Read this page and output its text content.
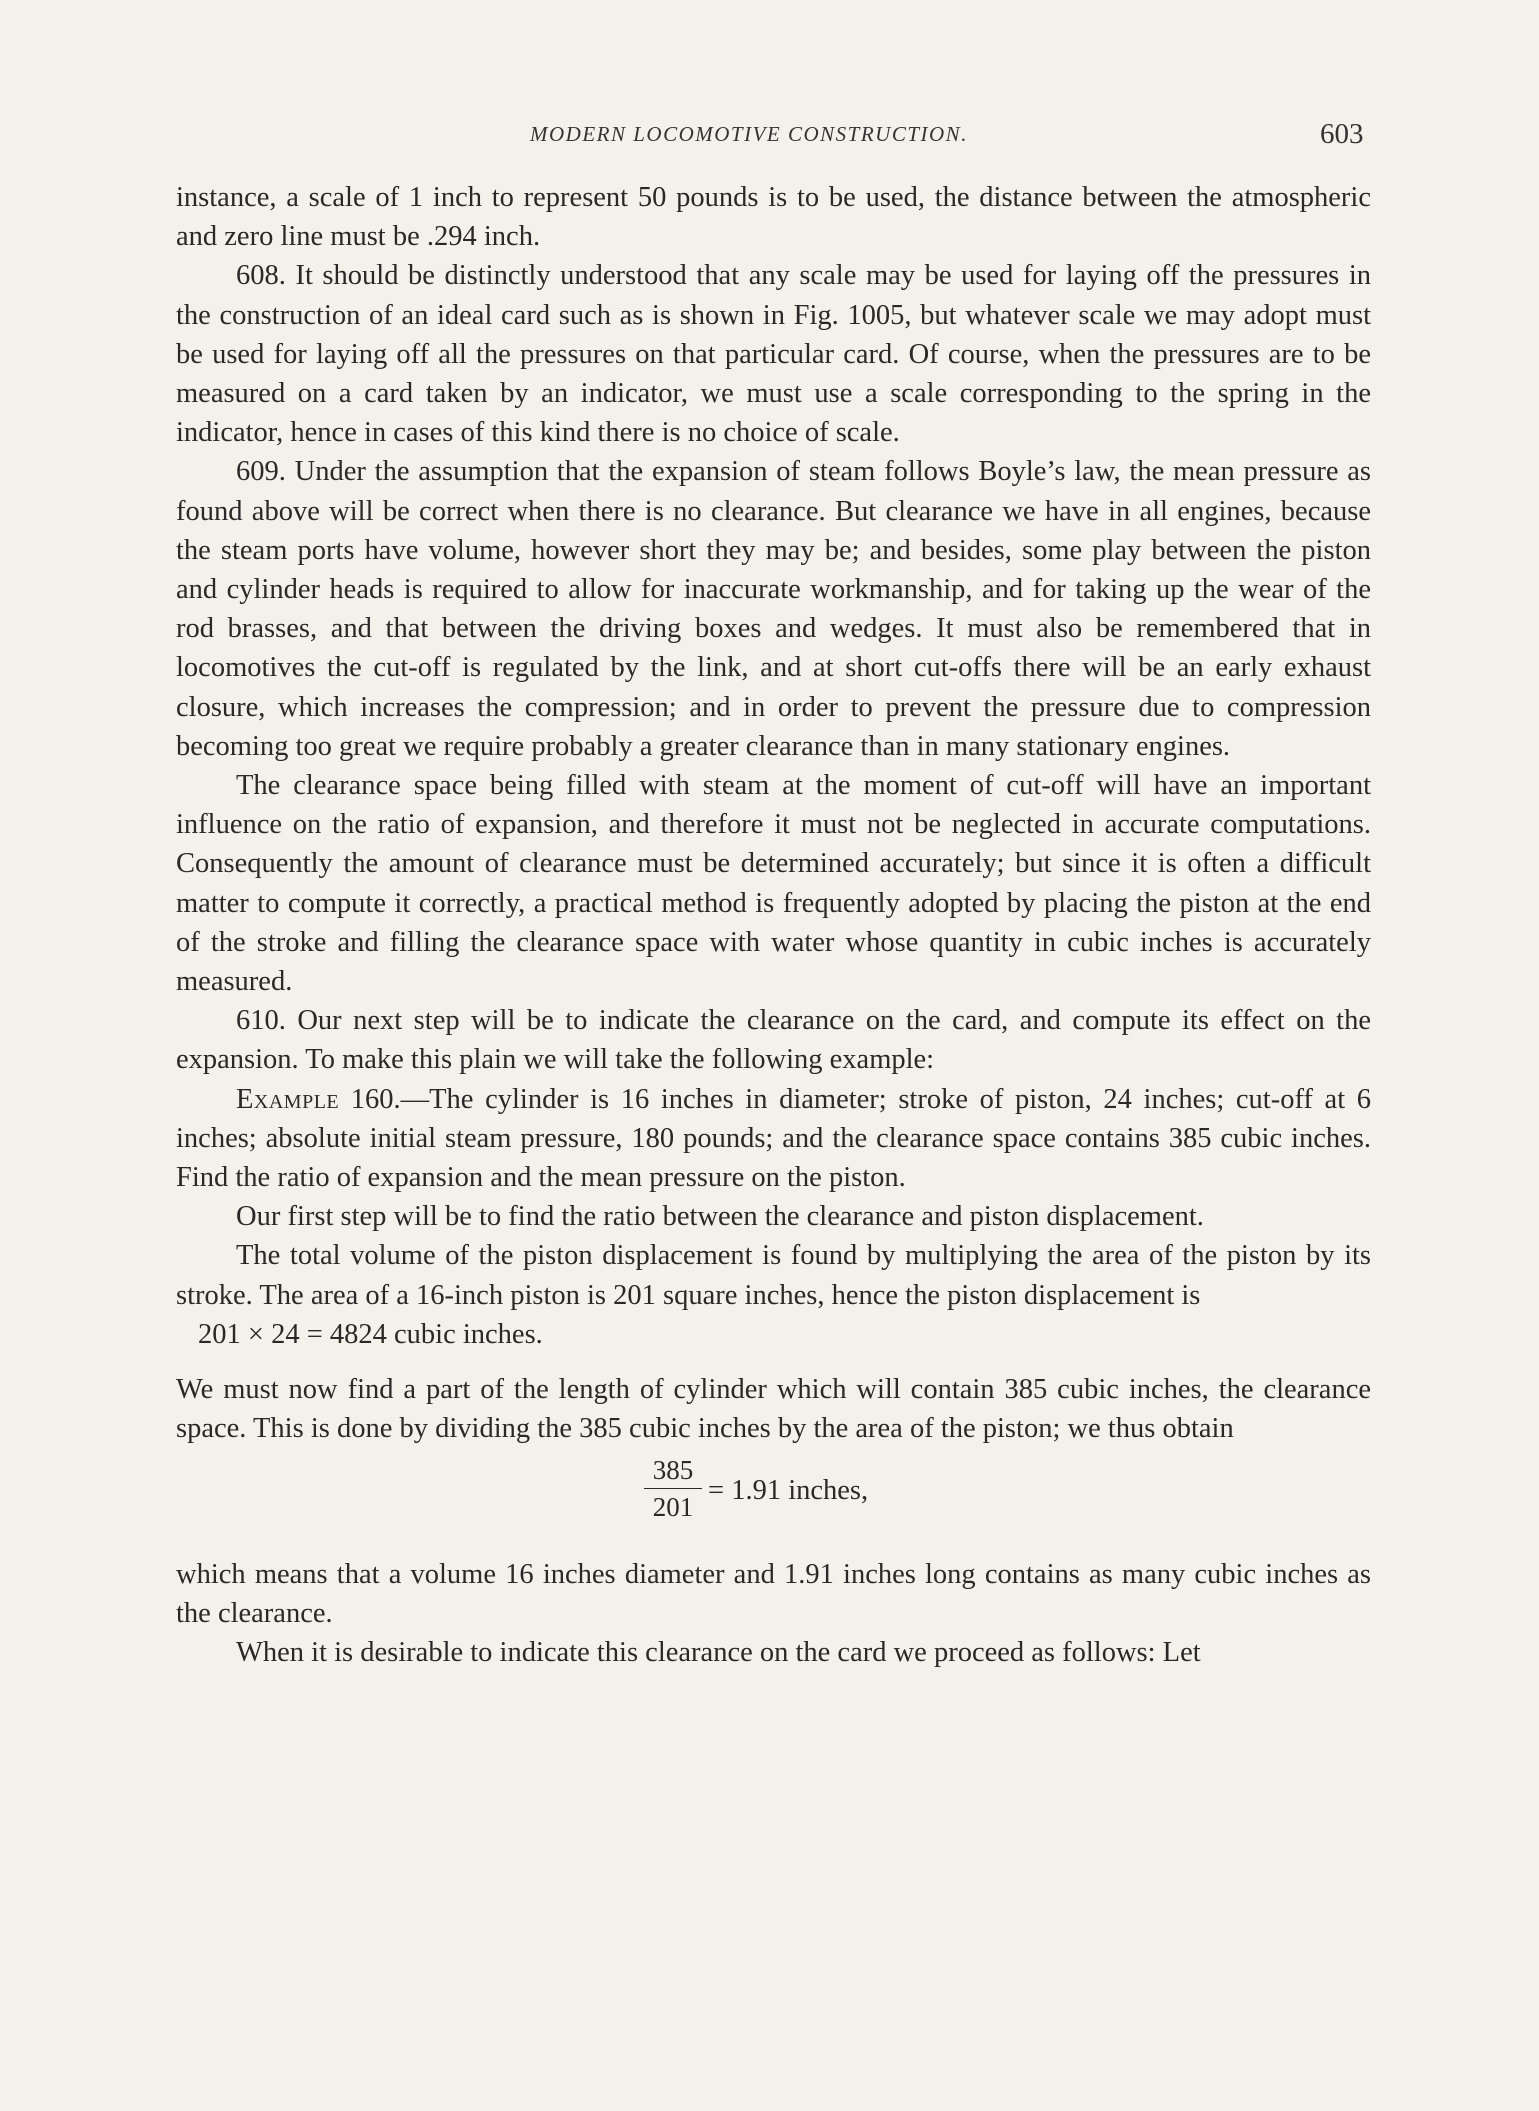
MODERN LOCOMOTIVE CONSTRUCTION.	603

instance, a scale of 1 inch to represent 50 pounds is to be used, the distance between the atmospheric and zero line must be .294 inch.

608. It should be distinctly understood that any scale may be used for laying off the pressures in the construction of an ideal card such as is shown in Fig. 1005, but whatever scale we may adopt must be used for laying off all the pressures on that particular card. Of course, when the pressures are to be measured on a card taken by an indicator, we must use a scale corresponding to the spring in the indicator, hence in cases of this kind there is no choice of scale.

609. Under the assumption that the expansion of steam follows Boyle’s law, the mean pressure as found above will be correct when there is no clearance. But clearance we have in all engines, because the steam ports have volume, however short they may be; and besides, some play between the piston and cylinder heads is required to allow for inaccurate workmanship, and for taking up the wear of the rod brasses, and that between the driving boxes and wedges. It must also be remembered that in locomotives the cut-off is regulated by the link, and at short cut-offs there will be an early exhaust closure, which increases the compression; and in order to prevent the pressure due to compression becoming too great we require probably a greater clearance than in many stationary engines.

The clearance space being filled with steam at the moment of cut-off will have an important influence on the ratio of expansion, and therefore it must not be neglected in accurate computations. Consequently the amount of clearance must be determined accurately; but since it is often a difficult matter to compute it correctly, a practical method is frequently adopted by placing the piston at the end of the stroke and filling the clearance space with water whose quantity in cubic inches is accurately measured.

610. Our next step will be to indicate the clearance on the card, and compute its effect on the expansion. To make this plain we will take the following example:

Example 160.—The cylinder is 16 inches in diameter; stroke of piston, 24 inches; cut-off at 6 inches; absolute initial steam pressure, 180 pounds; and the clearance space contains 385 cubic inches. Find the ratio of expansion and the mean pressure on the piston.

Our first step will be to find the ratio between the clearance and piston displacement.

The total volume of the piston displacement is found by multiplying the area of the piston by its stroke. The area of a 16-inch piston is 201 square inches, hence the piston displacement is

201 × 24 = 4824 cubic inches.

We must now find a part of the length of cylinder which will contain 385 cubic inches, the clearance space. This is done by dividing the 385 cubic inches by the area of the piston; we thus obtain

$\frac{385}{201} = 1.91$ inches,

which means that a volume 16 inches diameter and 1.91 inches long contains as many cubic inches as the clearance.

When it is desirable to indicate this clearance on the card we proceed as follows: Let
